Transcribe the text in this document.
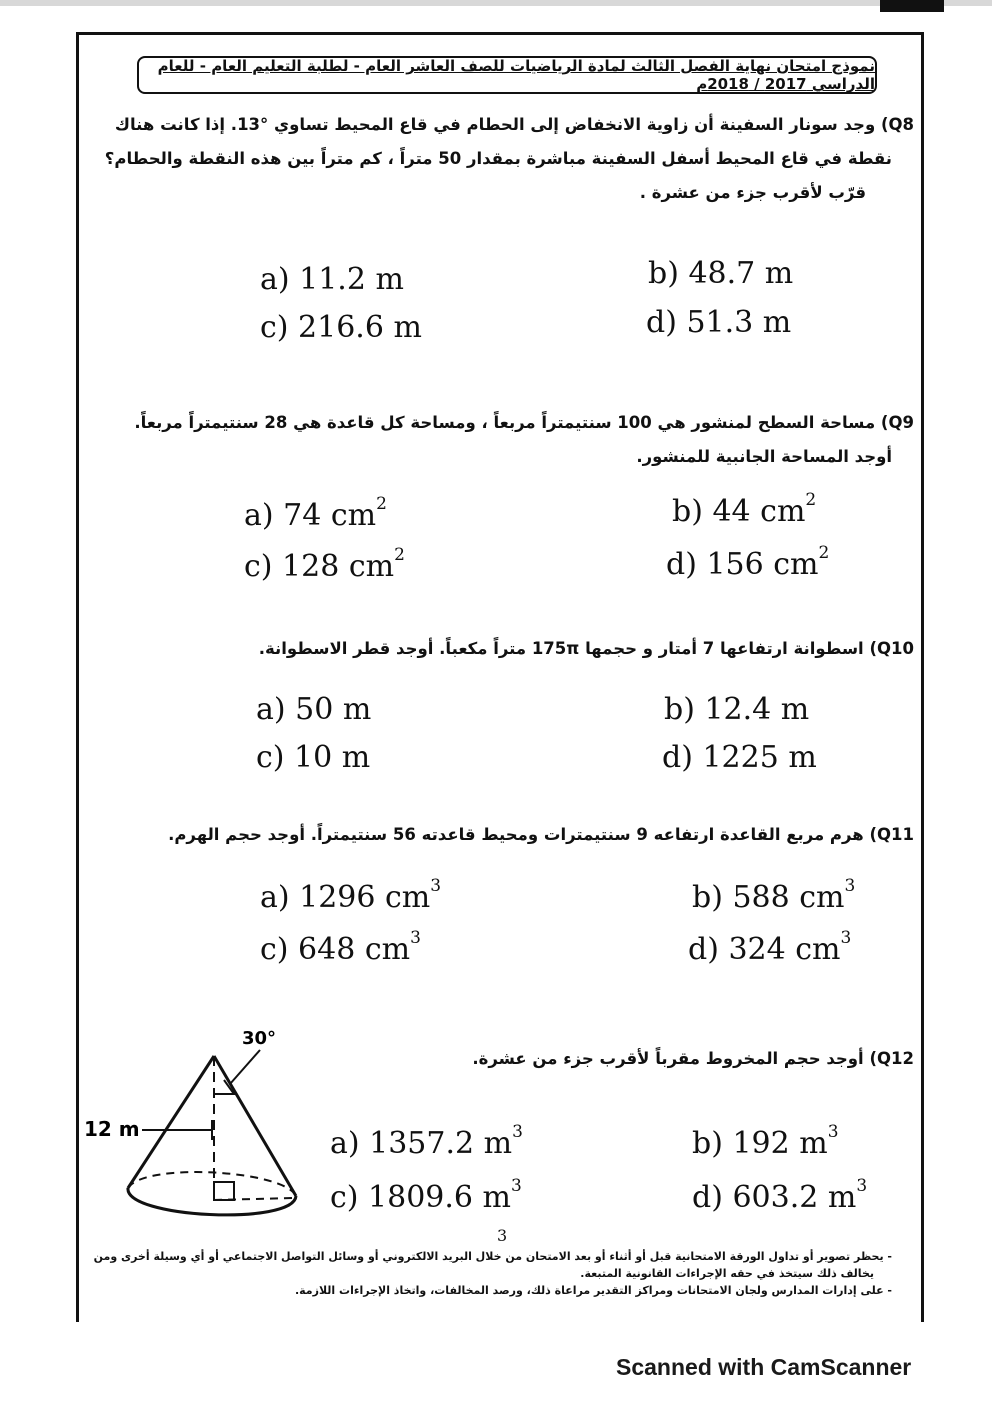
نموذج امتحان نهاية الفصل الثالث لمادة الرياضيات للصف العاشر العام - لطلبة التعليم العام - للعام الدراسي 2017 / 2018م

Q8) وجد سونار السفينة أن زاوية الانخفاض إلى الحطام في قاع المحيط تساوي °13. إذا كانت هناك

نقطة في قاع المحيط أسفل السفينة مباشرة بمقدار 50 متراً ، كم متراً بين هذه النقطة والحطام؟

قرّب لأقرب جزء من عشرة .

a) 11.2 m	b) 48.7 m
c) 216.6 m	d) 51.3 m

Q9) مساحة السطح لمنشور هي 100 سنتيمتراً مربعاً ، ومساحة كل قاعدة هي 28 سنتيمتراً مربعاً.

أوجد المساحة الجانبية للمنشور.

a) 74 $cm^2$	b) 44 $cm^2$
c) 128 $cm^2$	d) 156 $cm^2$

Q10) اسطوانة ارتفاعها 7 أمتار و حجمها 175π متراً مكعباً. أوجد قطر الاسطوانة.

a) 50 m	b) 12.4 m
c) 10 m	d) 1225 m

Q11) هرم مربع القاعدة ارتفاعه 9 سنتيمترات ومحيط قاعدته 56 سنتيمتراً. أوجد حجم الهرم.

a) 1296 $cm^3$	b) 588 $cm^3$
c) 648 $cm^3$	d) 324 $cm^3$

Q12) أوجد حجم المخروط مقرباً لأقرب جزء من عشرة.

12 m
30°
a) 1357.2 $m^3$	b) 192 $m^3$
c) 1809.6 $m^3$	d) 603.2 $m^3$
3

- يحظر تصوير أو تداول الورقة الامتحانية قبل أو أثناء أو بعد الامتحان من خلال البريد الالكتروني أو وسائل التواصل الاجتماعي أو أي وسيلة أخرى ومن

يخالف ذلك سيتخذ في حقه الإجراءات القانونية المتبعة.

- على إدارات المدارس ولجان الامتحانات ومراكز التقدير مراعاة ذلك، ورصد المخالفات، واتخاذ الإجراءات اللازمة.

Scanned with CamScanner
